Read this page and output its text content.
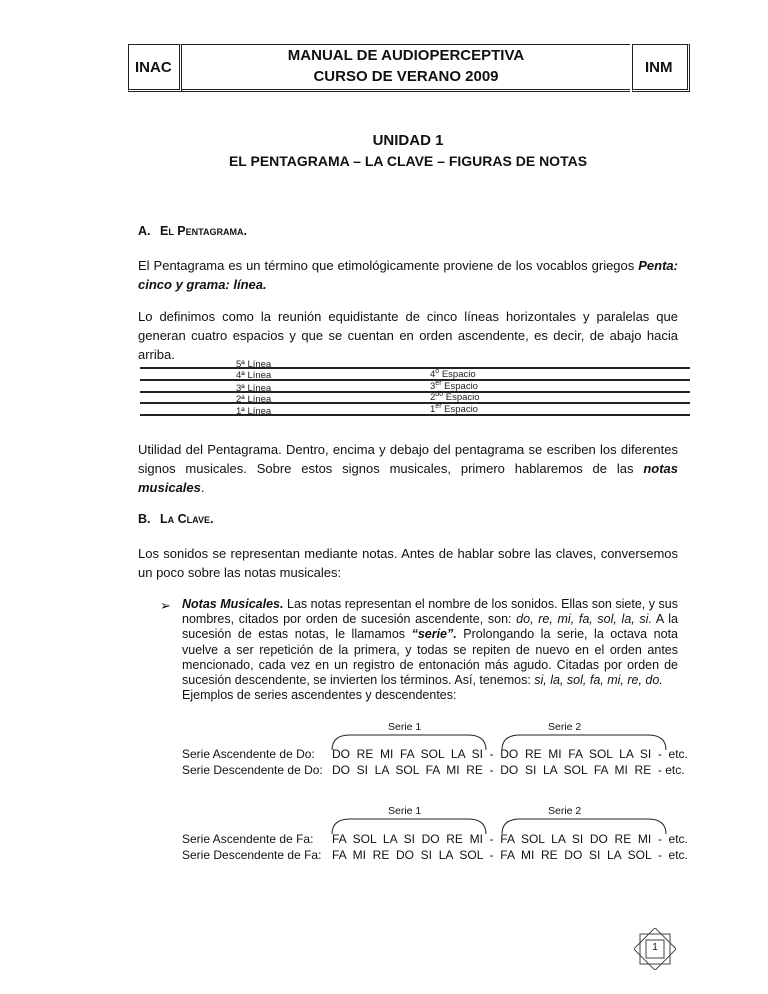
INAC
MANUAL DE AUDIOPERCEPTIVA
CURSO DE VERANO 2009
INM
UNIDAD 1
EL PENTAGRAMA – LA CLAVE – FIGURAS DE NOTAS
A. El Pentagrama.
El Pentagrama es un término que etimológicamente proviene de los vocablos griegos Penta: cinco y grama: línea.
Lo definimos como la reunión equidistante de cinco líneas horizontales y paralelas que generan cuatro espacios y que se cuentan en orden ascendente, es decir, de abajo hacia arriba.
5ª Línea
4ª Línea
3ª Línea
2ª Línea
1ª Línea
4$^o$ Espacio
3er Espacio
$2^{do}$ Espacio
1er Espacio
Utilidad del Pentagrama. Dentro, encima y debajo del pentagrama se escriben los diferentes signos musicales. Sobre estos signos musicales, primero hablaremos de las notas musicales.
B. La Clave.
Los sonidos se representan mediante notas. Antes de hablar sobre las claves, conversemos un poco sobre las notas musicales:
➢ Notas Musicales. Las notas representan el nombre de los sonidos. Ellas son siete, y sus nombres, citados por orden de sucesión ascendente, son: do, re, mi, fa, sol, la, si. A la sucesión de estas notas, le llamamos “serie”. Prolongando la serie, la octava nota vuelve a ser repetición de la primera, y todas se repiten de nuevo en el orden antes mencionado, cada vez en un registro de entonación más agudo. Citadas por orden de sucesión descendente, se invierten los términos. Así, tenemos: si, la, sol, fa, mi, re, do.
Ejemplos de series ascendentes y descendentes:
Serie 1	Serie 2
Serie Ascendente de Do: DO  RE  MI  FA  SOL  LA  SI  -  DO  RE  MI  FA  SOL  LA  SI  -  etc.
Serie Descendente de Do: DO  SI  LA  SOL  FA  MI  RE  -  DO  SI  LA  SOL  FA  MI  RE  - etc.
Serie 1	Serie 2
Serie Ascendente de Fa: FA  SOL  LA  SI  DO  RE  MI  -  FA  SOL  LA  SI  DO  RE  MI  -  etc.
Serie Descendente de Fa: FA  MI  RE  DO  SI  LA  SOL  -  FA  MI  RE  DO  SI  LA  SOL  -  etc.
1
